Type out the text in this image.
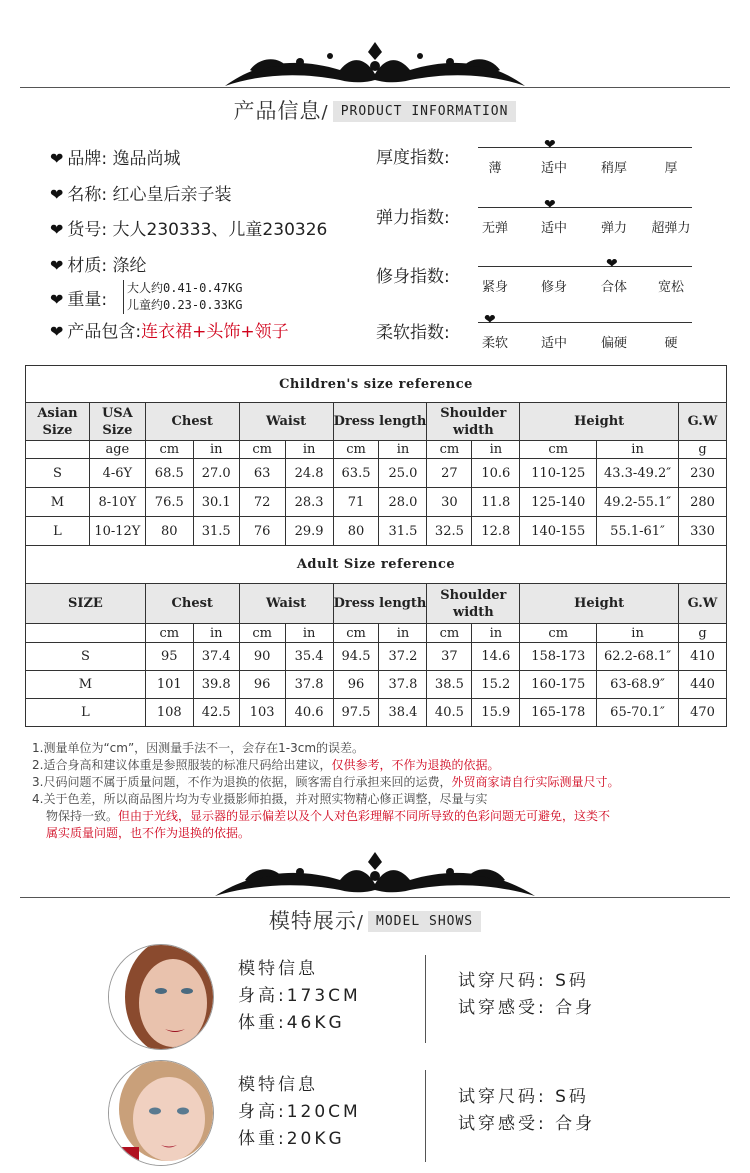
产品信息/ PRODUCT INFORMATION
❤ 品牌: 逸品尚城
❤ 名称: 红心皇后亲子装
❤ 货号: 大人230333、儿童230326
❤ 材质: 涤纶
❤ 重量:
大人约0.41-0.47KG
儿童约0.23-0.33KG
❤ 产品包含:连衣裙+头饰+领子
厚度指数:
❤
薄	适中	稍厚	厚
弹力指数:
❤
无弹	适中	弹力	超弹力
修身指数:
❤
紧身	修身	合体	宽松
柔软指数:
❤
柔软	适中	偏硬	硬
Children's size reference												
Asian Size	USA Size	Chest		Waist		Dress length		Shoulder width		Height		G.W
	age	cm	in	cm	in	cm	in	cm	in	cm	in	g
S	4-6Y	68.5	27.0	63	24.8	63.5	25.0	27	10.6	110-125	43.3-49.2″	230
M	8-10Y	76.5	30.1	72	28.3	71	28.0	30	11.8	125-140	49.2-55.1″	280
L	10-12Y	80	31.5	76	29.9	80	31.5	32.5	12.8	140-155	55.1-61″	330
Adult Size reference												
SIZE		Chest		Waist		Dress length		Shoulder width		Height		G.W
		cm	in	cm	in	cm	in	cm	in	cm	in	g
S		95	37.4	90	35.4	94.5	37.2	37	14.6	158-173	62.2-68.1″	410
M		101	39.8	96	37.8	96	37.8	38.5	15.2	160-175	63-68.9″	440
L		108	42.5	103	40.6	97.5	38.4	40.5	15.9	165-178	65-70.1″	470
1.测量单位为“cm”，因测量手法不一，会存在1-3cm的误差。
2.适合身高和建议体重是参照服装的标准尺码给出建议，仅供参考，不作为退换的依据。
3.尺码问题不属于质量问题，不作为退换的依据，顾客需自行承担来回的运费，外贸商家请自行实际测量尺寸。
4.关于色差，所以商品图片均为专业摄影师拍摄，并对照实物精心修正调整，尽量与实
物保持一致。但由于光线，显示器的显示偏差以及个人对色彩理解不同所导致的色彩问题无可避免，这类不
属实质量问题，也不作为退换的依据。
模特展示/ MODEL SHOWS
模特信息
身高:173CM
体重:46KG
试穿尺码: S码
试穿感受: 合身
模特信息
身高:120CM
体重:20KG
试穿尺码: S码
试穿感受: 合身
